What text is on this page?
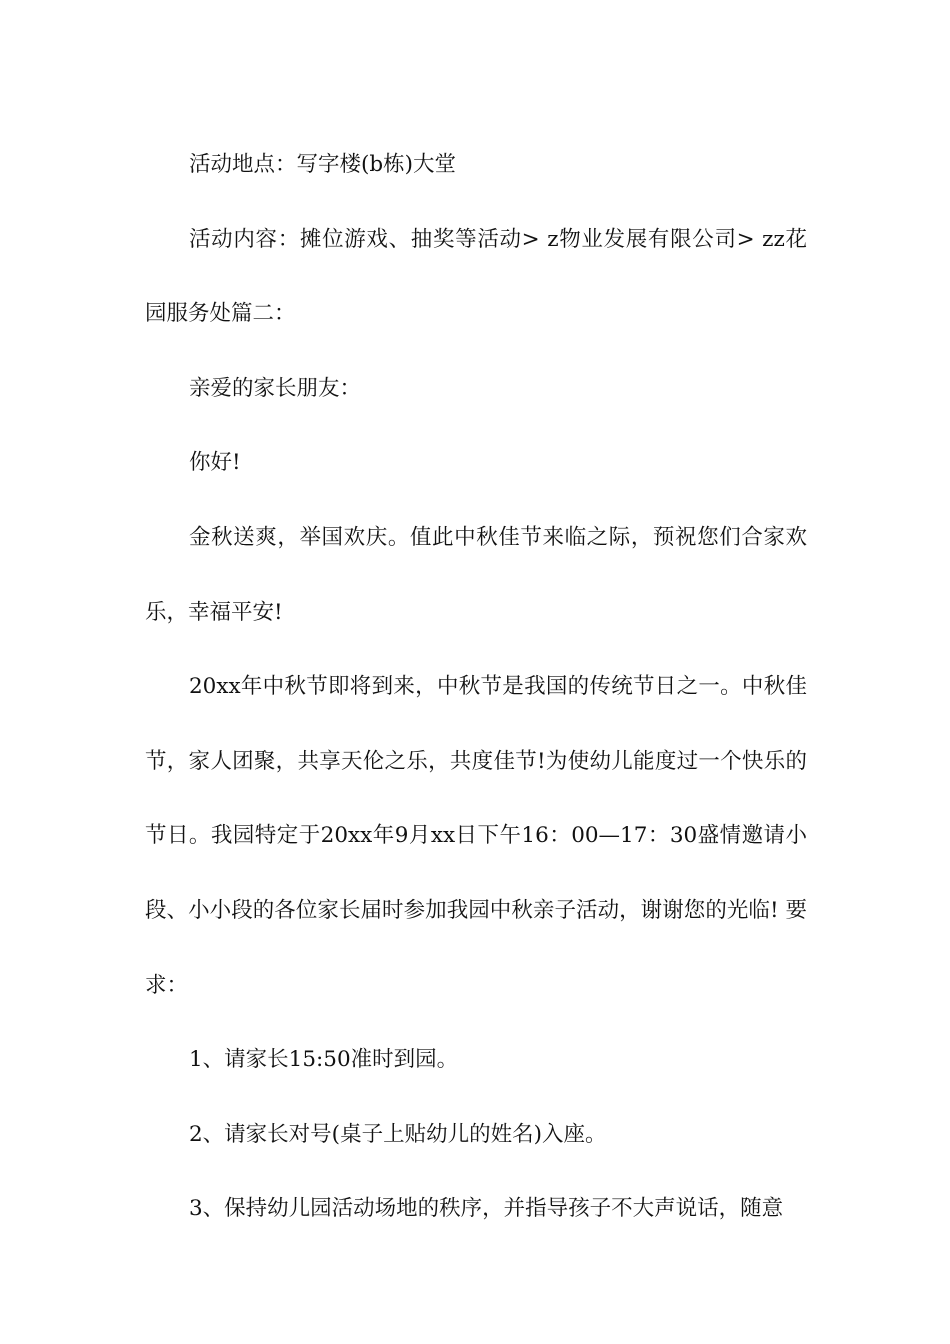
活动地点：写字楼(b栋)大堂

活动内容：摊位游戏、抽奖等活动> z物业发展有限公司> zz花园服务处篇二：

亲爱的家长朋友：

你好!

金秋送爽，举国欢庆。值此中秋佳节来临之际，预祝您们合家欢乐，幸福平安!

20xx年中秋节即将到来，中秋节是我国的传统节日之一。中秋佳节，家人团聚，共享天伦之乐，共度佳节!为使幼儿能度过一个快乐的节日。我园特定于20xx年9月xx日下午16：00—17：30盛情邀请小段、小小段的各位家长届时参加我园中秋亲子活动，谢谢您的光临! 要求：

1、请家长15:50准时到园。

2、请家长对号(桌子上贴幼儿的姓名)入座。

3、保持幼儿园活动场地的秩序，并指导孩子不大声说话，随意
